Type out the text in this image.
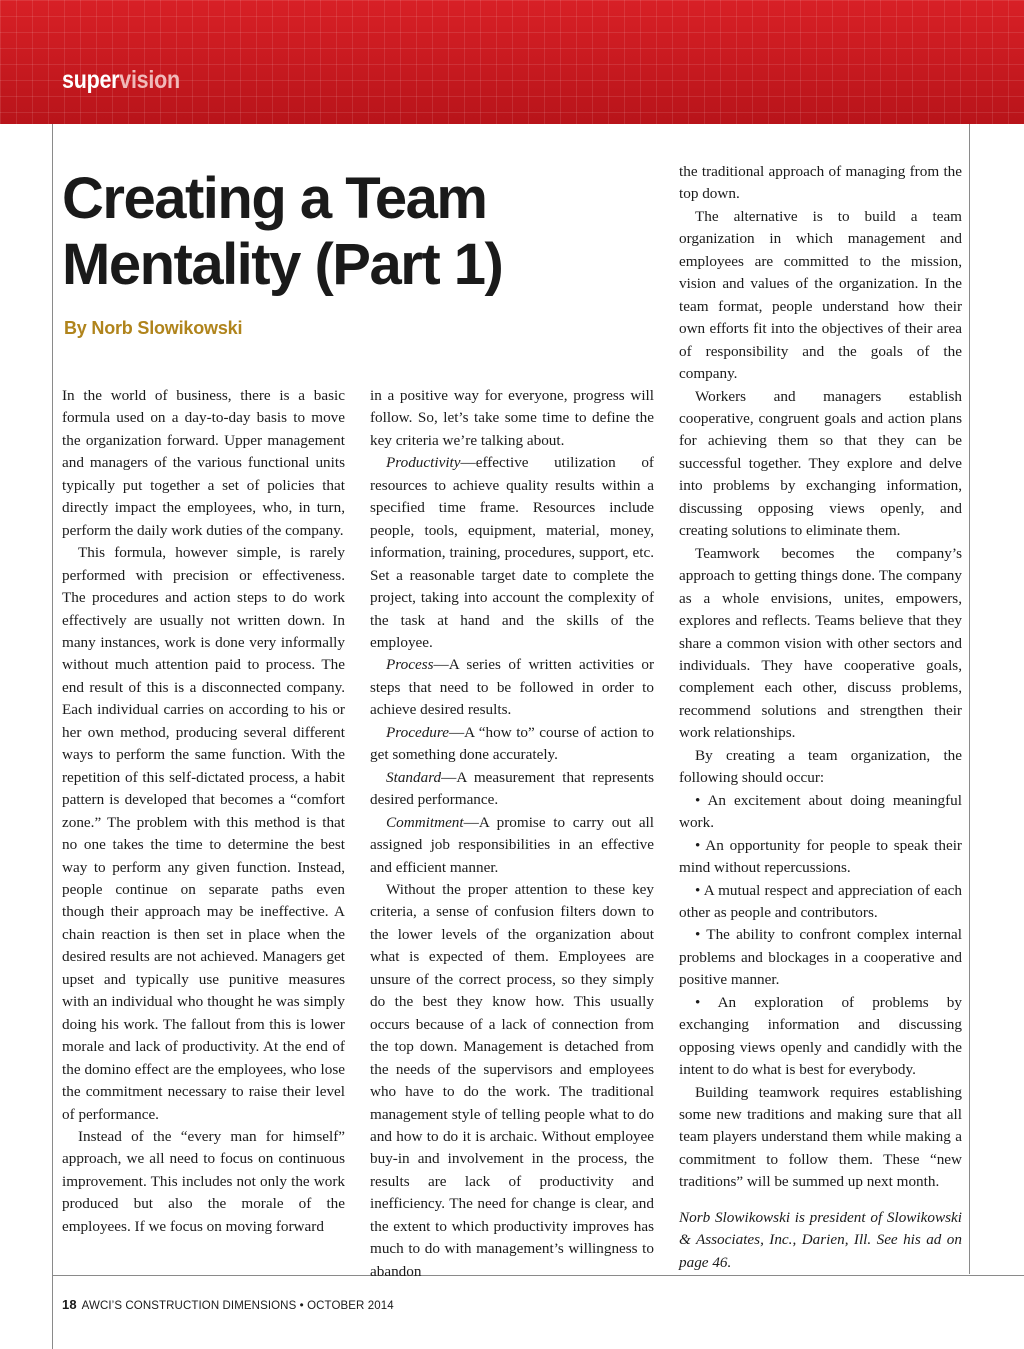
supervision
Creating a Team
Mentality (Part 1)
By Norb Slowikowski

In the world of business, there is a basic formula used on a day-to-day basis to move the organization forward. Upper management and managers of the various functional units typically put together a set of policies that directly impact the employees, who, in turn, perform the daily work duties of the company.

This formula, however simple, is rarely performed with precision or effectiveness. The procedures and action steps to do work effectively are usually not written down. In many instances, work is done very informally without much attention paid to process. The end result of this is a disconnected company. Each individual carries on according to his or her own method, producing several different ways to perform the same function. With the repetition of this self-dictated process, a habit pattern is developed that becomes a “comfort zone.” The problem with this method is that no one takes the time to determine the best way to perform any given function. Instead, people continue on separate paths even though their approach may be ineffective. A chain reaction is then set in place when the desired results are not achieved. Managers get upset and typically use punitive measures with an individual who thought he was simply doing his work. The fallout from this is lower morale and lack of productivity. At the end of the domino effect are the employees, who lose the commitment necessary to raise their level of performance.

Instead of the “every man for himself” approach, we all need to focus on continuous improvement. This includes not only the work produced but also the morale of the employees. If we focus on moving forward

in a positive way for everyone, progress will follow. So, let’s take some time to define the key criteria we’re talking about.

Productivity—effective utilization of resources to achieve quality results within a specified time frame. Resources include people, tools, equipment, material, money, information, training, procedures, support, etc. Set a reasonable target date to complete the project, taking into account the complexity of the task at hand and the skills of the employee.

Process—A series of written activities or steps that need to be followed in order to achieve desired results.

Procedure—A “how to” course of action to get something done accurately.

Standard—A measurement that represents desired performance.

Commitment—A promise to carry out all assigned job responsibilities in an effective and efficient manner.

Without the proper attention to these key criteria, a sense of confusion filters down to the lower levels of the organization about what is expected of them. Employees are unsure of the correct process, so they simply do the best they know how. This usually occurs because of a lack of connection from the top down. Management is detached from the needs of the supervisors and employees who have to do the work. The traditional management style of telling people what to do and how to do it is archaic. Without employee buy-in and involvement in the process, the results are lack of productivity and inefficiency. The need for change is clear, and the extent to which productivity improves has much to do with management’s willingness to abandon

the traditional approach of managing from the top down.

The alternative is to build a team organization in which management and employees are committed to the mission, vision and values of the organization. In the team format, people understand how their own efforts fit into the objectives of their area of responsibility and the goals of the company.

Workers and managers establish cooperative, congruent goals and action plans for achieving them so that they can be successful together. They explore and delve into problems by exchanging information, discussing opposing views openly, and creating solutions to eliminate them.

Teamwork becomes the company’s approach to getting things done. The company as a whole envisions, unites, empowers, explores and reflects. Teams believe that they share a common vision with other sectors and individuals. They have cooperative goals, complement each other, discuss problems, recommend solutions and strengthen their work relationships.

By creating a team organization, the following should occur:

• An excitement about doing meaningful work.

• An opportunity for people to speak their mind without repercussions.

• A mutual respect and appreciation of each other as people and contributors.

• The ability to confront complex internal problems and blockages in a cooperative and positive manner.

• An exploration of problems by exchanging information and discussing opposing views openly and candidly with the intent to do what is best for everybody.

Building teamwork requires establishing some new traditions and making sure that all team players understand them while making a commitment to follow them. These “new traditions” will be summed up next month.

Norb Slowikowski is president of Slowikowski & Associates, Inc., Darien, Ill. See his ad on page 46.

18 AWCI’S CONSTRUCTION DIMENSIONS • OCTOBER 2014
